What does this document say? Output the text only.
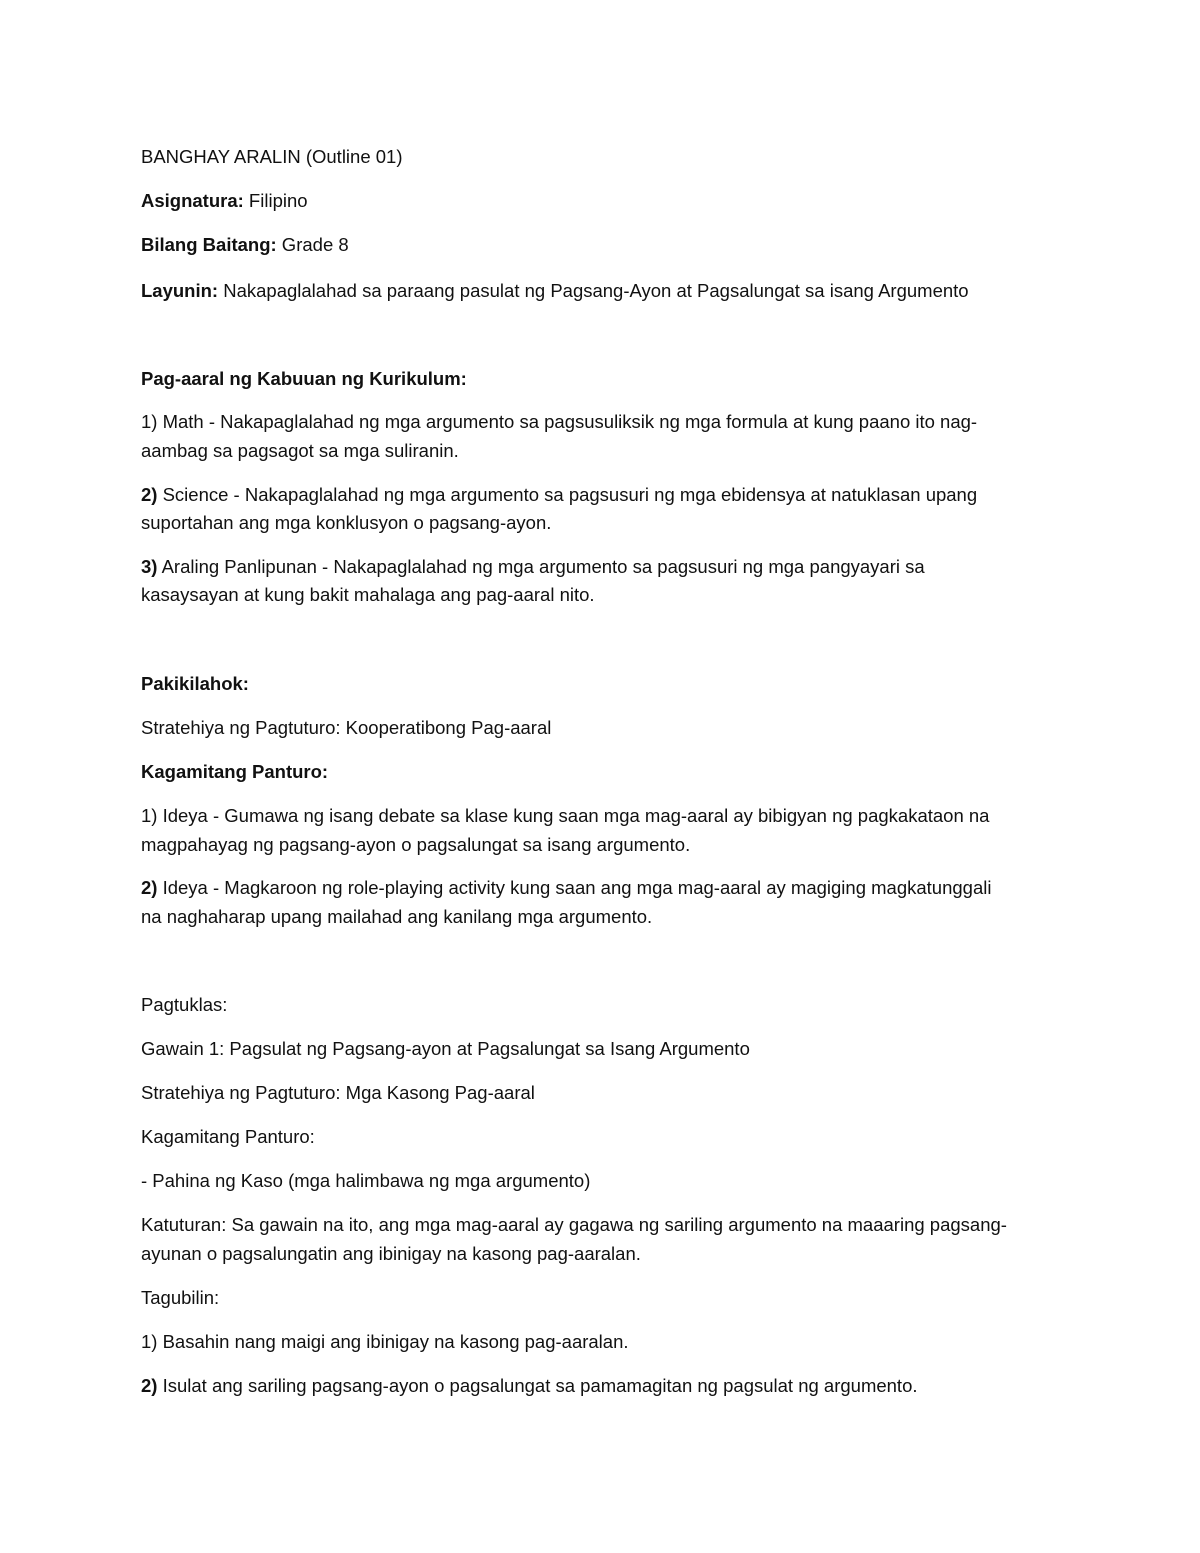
BANGHAY ARALIN (Outline 01)

Asignatura: Filipino

Bilang Baitang: Grade 8

Layunin: Nakapaglalahad sa paraang pasulat ng Pagsang-Ayon at Pagsalungat sa isang Argumento

Pag-aaral ng Kabuuan ng Kurikulum:

1) Math - Nakapaglalahad ng mga argumento sa pagsusuliksik ng mga formula at kung paano ito nag-

aambag sa pagsagot sa mga suliranin.

2) Science - Nakapaglalahad ng mga argumento sa pagsusuri ng mga ebidensya at natuklasan upang

suportahan ang mga konklusyon o pagsang-ayon.

3) Araling Panlipunan - Nakapaglalahad ng mga argumento sa pagsusuri ng mga pangyayari sa

kasaysayan at kung bakit mahalaga ang pag-aaral nito.

Pakikilahok:

Stratehiya ng Pagtuturo: Kooperatibong Pag-aaral

Kagamitang Panturo:

1) Ideya - Gumawa ng isang debate sa klase kung saan mga mag-aaral ay bibigyan ng pagkakataon na

magpahayag ng pagsang-ayon o pagsalungat sa isang argumento.

2) Ideya - Magkaroon ng role-playing activity kung saan ang mga mag-aaral ay magiging magkatunggali

na naghaharap upang mailahad ang kanilang mga argumento.

Pagtuklas:

Gawain 1: Pagsulat ng Pagsang-ayon at Pagsalungat sa Isang Argumento

Stratehiya ng Pagtuturo: Mga Kasong Pag-aaral

Kagamitang Panturo:

- Pahina ng Kaso (mga halimbawa ng mga argumento)

Katuturan: Sa gawain na ito, ang mga mag-aaral ay gagawa ng sariling argumento na maaaring pagsang-

ayunan o pagsalungatin ang ibinigay na kasong pag-aaralan.

Tagubilin:

1) Basahin nang maigi ang ibinigay na kasong pag-aaralan.

2) Isulat ang sariling pagsang-ayon o pagsalungat sa pamamagitan ng pagsulat ng argumento.
